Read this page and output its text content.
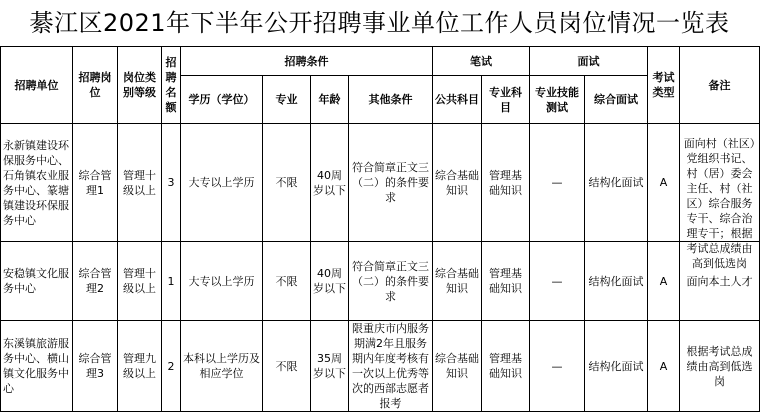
綦江区2021年下半年公开招聘事业单位工作人员岗位情况一览表
招聘单位	招聘岗位	岗位类别等级	招聘名额	招聘条件				笔试		面试		考试类型	备注
				学历（学位）	专业	年龄	其他条件	公共科目	专业科目	专业技能测试	综合面试		
永新镇建设环保服务中心、石角镇农业服务中心、篆塘镇建设环保服务中心	综合管理1	管理十级以上	3	大专以上学历	不限	40周岁以下	符合简章正文三（二）的条件要求	综合基础知识	管理基础知识	—	结构化面试	A	面向村（社区）党组织书记、村（居）委会主任、村（社区）综合服务专干、综合治理专干；根据考试总成绩由高到低选岗

安稳镇文化服务中心	综合管理2	管理十级以上	1	大专以上学历	不限	40周岁以下	符合简章正文三（二）的条件要求	综合基础知识	管理基础知识	—	结构化面试	A	面向本土人才
东溪镇旅游服务中心、横山镇文化服务中心	综合管理3	管理九级以上	2	本科以上学历及相应学位	不限	35周岁以下	限重庆市内服务期满2年且服务期内年度考核有一次以上优秀等次的西部志愿者报考	综合基础知识	管理基础知识	—	结构化面试	A	根据考试总成绩由高到低选岗
